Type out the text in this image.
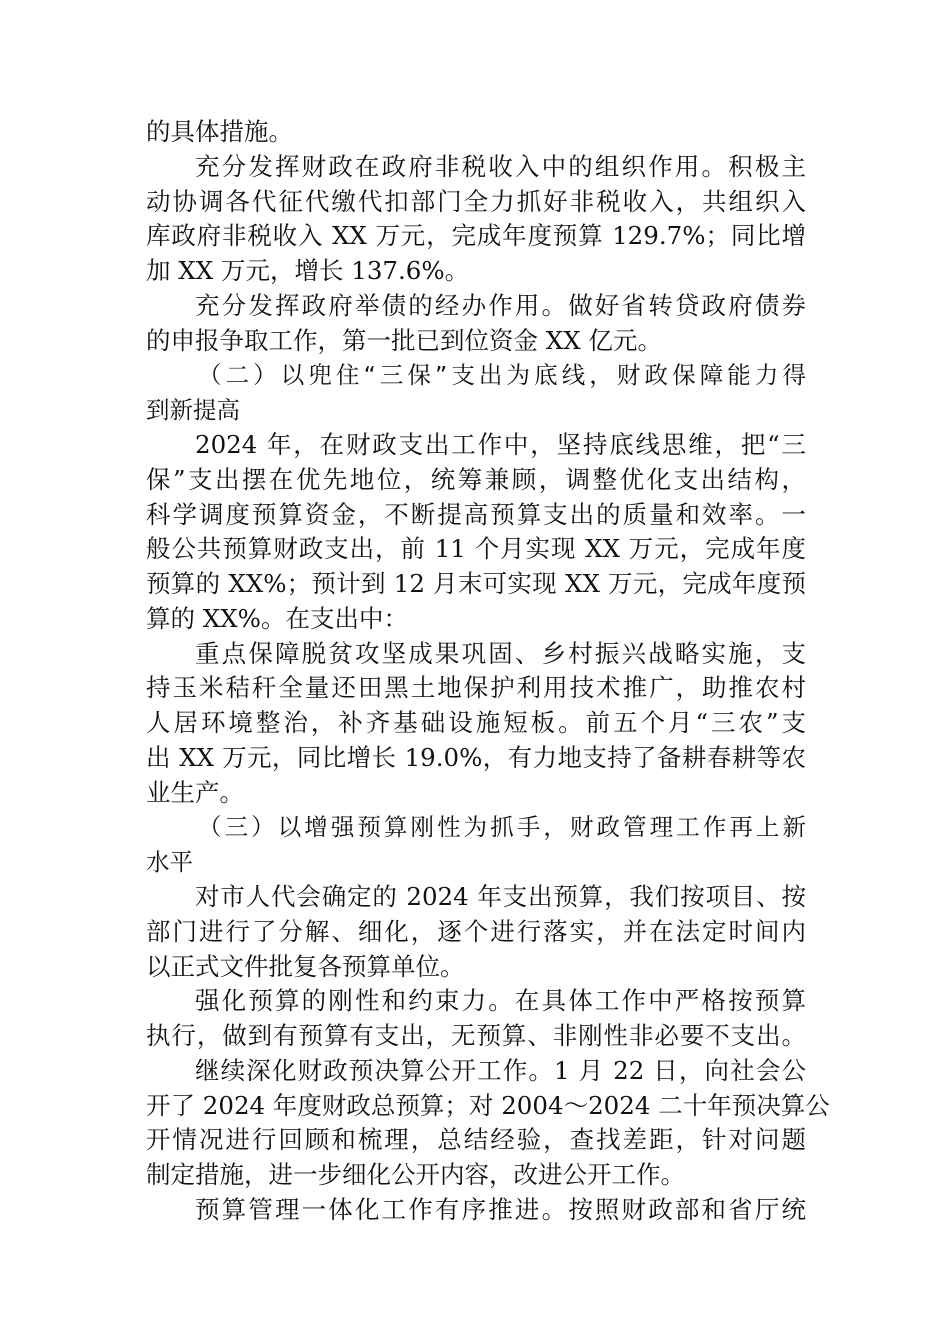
的具体措施。
充分发挥财政在政府非税收入中的组织作用。积极主
动协调各代征代缴代扣部门全力抓好非税收入，共组织入
库政府非税收入 XX 万元，完成年度预算 129.7%；同比增
加 XX 万元，增长 137.6%。
充分发挥政府举债的经办作用。做好省转贷政府债券
的申报争取工作，第一批已到位资金 XX 亿元。
（二）以兜住“三保”支出为底线，财政保障能力得
到新提高
2024 年，在财政支出工作中，坚持底线思维，把“三
保”支出摆在优先地位，统筹兼顾，调整优化支出结构，
科学调度预算资金，不断提高预算支出的质量和效率。一
般公共预算财政支出，前 11 个月实现 XX 万元，完成年度
预算的 XX%；预计到 12 月末可实现 XX 万元，完成年度预
算的 XX%。在支出中：
重点保障脱贫攻坚成果巩固、乡村振兴战略实施，支
持玉米秸秆全量还田黑土地保护利用技术推广，助推农村
人居环境整治，补齐基础设施短板。前五个月“三农”支
出 XX 万元，同比增长 19.0%，有力地支持了备耕春耕等农
业生产。
（三）以增强预算刚性为抓手，财政管理工作再上新
水平
对市人代会确定的 2024 年支出预算，我们按项目、按
部门进行了分解、细化，逐个进行落实，并在法定时间内
以正式文件批复各预算单位。
强化预算的刚性和约束力。在具体工作中严格按预算
执行，做到有预算有支出，无预算、非刚性非必要不支出。
继续深化财政预决算公开工作。1 月 22 日，向社会公
开了 2024 年度财政总预算；对 2004～2024 二十年预决算公
开情况进行回顾和梳理，总结经验，查找差距，针对问题
制定措施，进一步细化公开内容，改进公开工作。
预算管理一体化工作有序推进。按照财政部和省厅统
